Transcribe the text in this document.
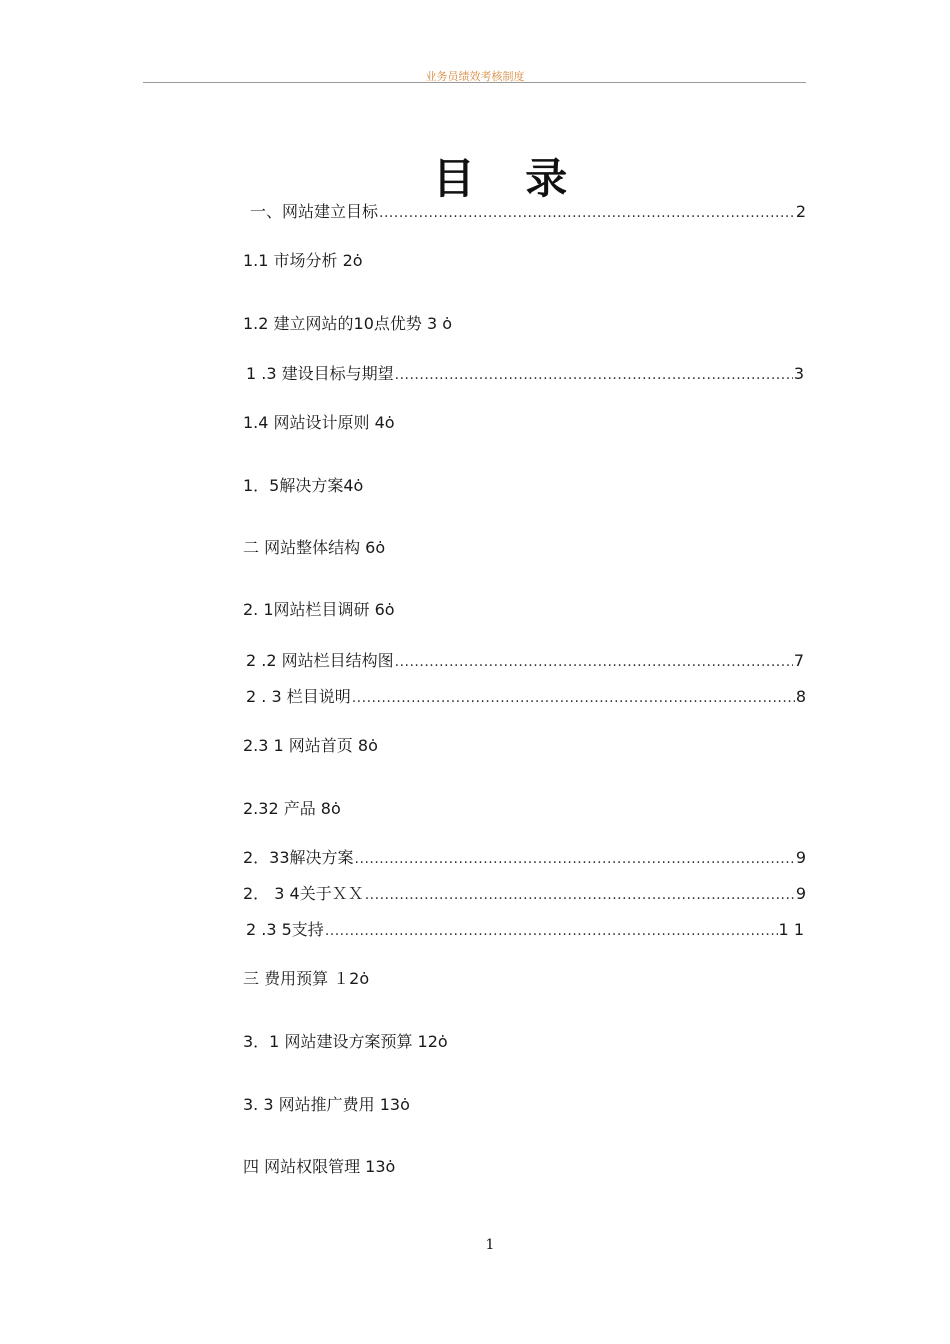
业务员绩效考核制度
目 录
一、网站建立目标 .....	2
1.1 市场分析 2ȯ
1.2 建立网站的10点优势 3 ȯ
1 .3 建设目标与期望 .....	3
1.4 网站设计原则 4ȯ
1．5解决方案4ȯ
二 网站整体结构 6ȯ
2. 1网站栏目调研 6ȯ
2 .2 网站栏目结构图 .....	7
2 . 3 栏目说明 .....	8
2.3 1 网站首页 8ȯ
2.32 产品 8ȯ
2．33解决方案 .....	9
2． 3 4关于ＸＸ .....	9
2 .3 5支持 .....	1 1
三 费用预算 １2ȯ
3．1 网站建设方案预算 12ȯ
3. 3 网站推广费用 13ȯ
四 网站权限管理 13ȯ
1
